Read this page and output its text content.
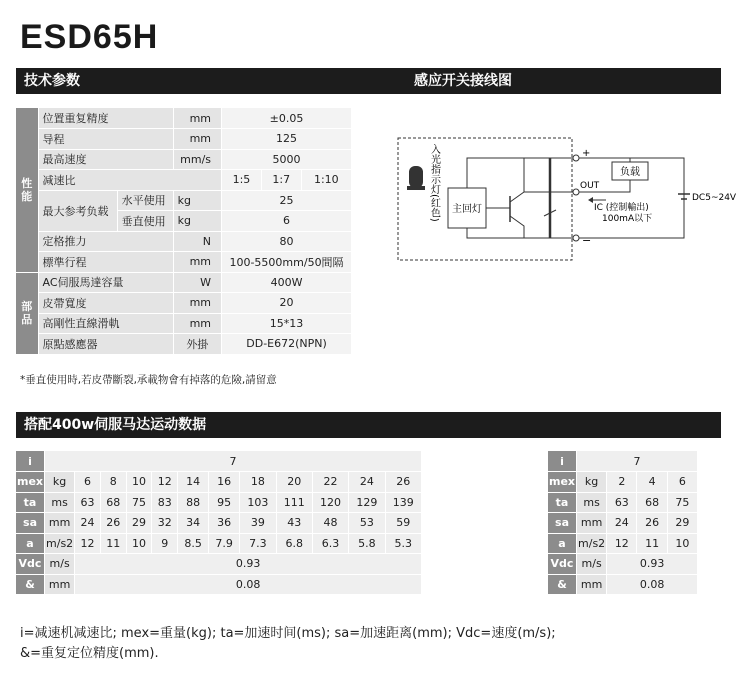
ESD65H
技术参数	感应开关接线图
性
能	位置重复精度		mm	±0.05		
	导程		mm	125		
	最高速度		mm/s	5000		
	减速比			1:5	1:7	1:10
	最大参考负载	水平使用	kg	25		
		垂直使用	kg	6		
	定格推力		N	80		
	標準行程		mm	100-5500mm/50間隔		
部
品	AC伺服馬達容量		W	400W		
	皮帶寬度		mm	20		
	高剛性直線滑軌		mm	15*13		
	原點感應器		外掛	DD-E672(NPN)		
*垂直使用時,若皮帶斷裂,承載物會有掉落的危險,請留意
入光指示灯(红色) 主回灯
+
−
OUT
负载
IC (控制輸出)
100mA以下
DC5~24V
搭配400w伺服马达运动数据
i	7											
mex	kg	6	8	10	12	14	16	18	20	22	24	26
ta	ms	63	68	75	83	88	95	103	111	120	129	139
sa	mm	24	26	29	32	34	36	39	43	48	53	59
a	m/s2	12	11	10	9	8.5	7.9	7.3	6.8	6.3	5.8	5.3
Vdc	m/s	0.93										
&	mm	0.08										
i	7			
mex	kg	2	4	6
ta	ms	63	68	75
sa	mm	24	26	29
a	m/s2	12	11	10
Vdc	m/s	0.93		
&	mm	0.08		
i=减速机减速比; mex=重量(kg); ta=加速时间(ms); sa=加速距离(mm); Vdc=速度(m/s);
&=重复定位精度(mm).
